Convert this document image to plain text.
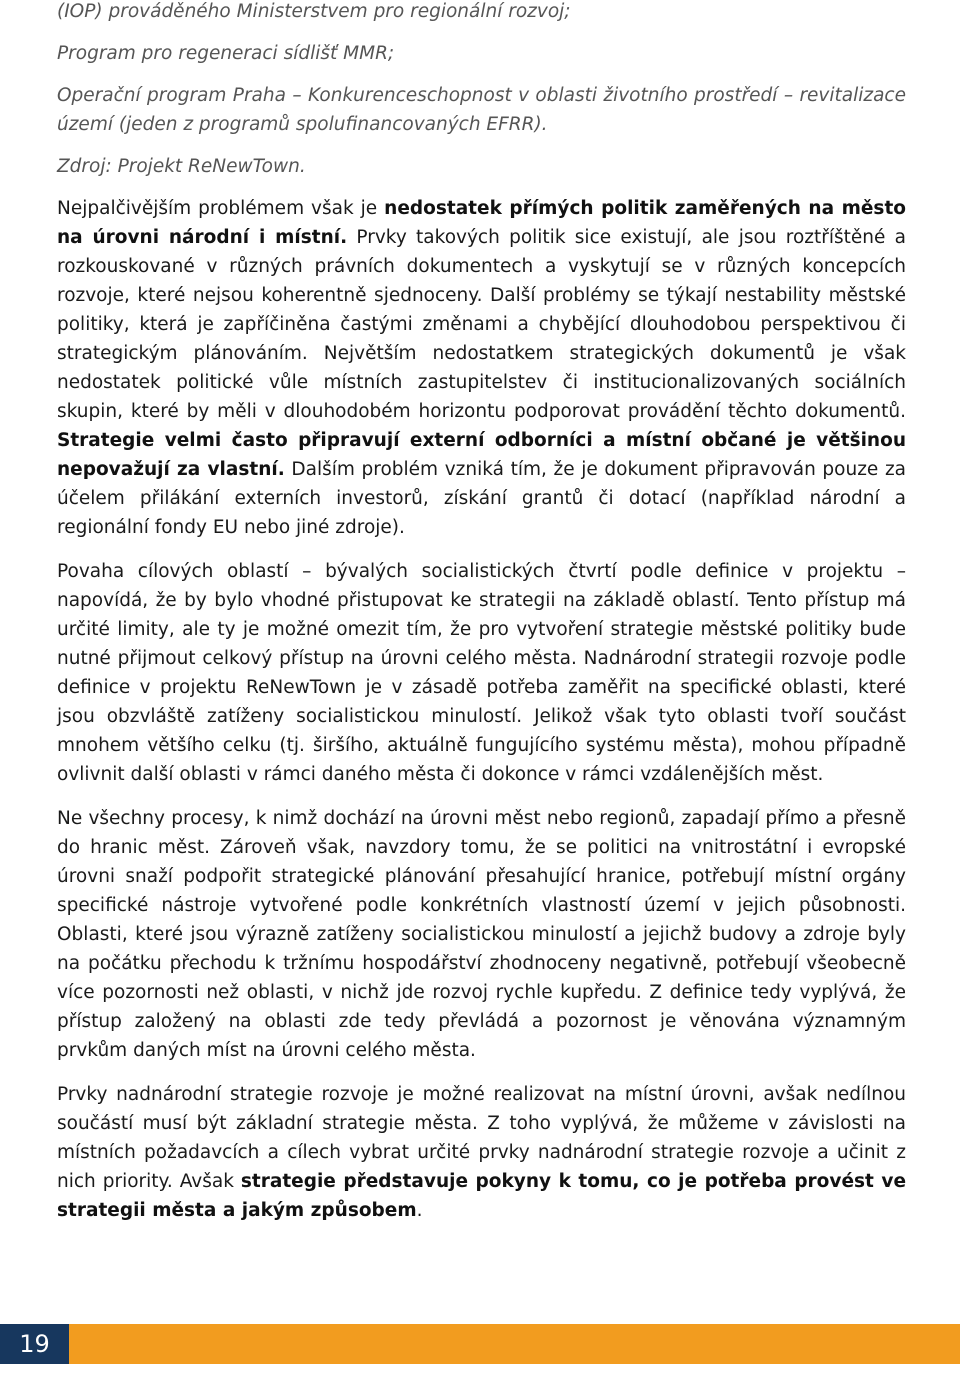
(IOP) prováděného Ministerstvem pro regionální rozvoj;

Program pro regeneraci sídlišť MMR;

Operační program Praha – Konkurenceschopnost v oblasti životního prostředí – revitalizace území (jeden z programů spolufinancovaných EFRR).

Zdroj: Projekt ReNewTown.

Nejpalčivějším problémem však je nedostatek přímých politik zaměřených na město na úrovni národní i místní. Prvky takových politik sice existují, ale jsou roztříštěné a rozkouskované v různých právních dokumentech a vyskytují se v různých koncepcích rozvoje, které nejsou koherentně sjednoceny. Další problémy se týkají nestability městské politiky, která je zapříčiněna častými změnami a chybějící dlouhodobou perspektivou či strategickým plánováním. Největším nedostatkem strategických dokumentů je však nedostatek politické vůle místních zastupitelstev či institucionalizovaných sociálních skupin, které by měli v dlouhodobém horizontu podporovat provádění těchto dokumentů. Strategie velmi často připravují externí odborníci a místní občané je většinou nepovažují za vlastní. Dalším problém vzniká tím, že je dokument připravován pouze za účelem přilákání externích investorů, získání grantů či dotací (například národní a regionální fondy EU nebo jiné zdroje).

Povaha cílových oblastí – bývalých socialistických čtvrtí podle definice v projektu – napovídá, že by bylo vhodné přistupovat ke strategii na základě oblastí. Tento přístup má určité limity, ale ty je možné omezit tím, že pro vytvoření strategie městské politiky bude nutné přijmout celkový přístup na úrovni celého města. Nadnárodní strategii rozvoje podle definice v projektu ReNewTown je v zásadě potřeba zaměřit na specifické oblasti, které jsou obzvláště zatíženy socialistickou minulostí. Jelikož však tyto oblasti tvoří součást mnohem většího celku (tj. širšího, aktuálně fungujícího systému města), mohou případně ovlivnit další oblasti v rámci daného města či dokonce v rámci vzdálenějších měst.

Ne všechny procesy, k nimž dochází na úrovni měst nebo regionů, zapadají přímo a přesně do hranic měst. Zároveň však, navzdory tomu, že se politici na vnitrostátní i evropské úrovni snaží podpořit strategické plánování přesahující hranice, potřebují místní orgány specifické nástroje vytvořené podle konkrétních vlastností území v jejich působnosti. Oblasti, které jsou výrazně zatíženy socialistickou minulostí a jejichž budovy a zdroje byly na počátku přechodu k tržnímu hospodářství zhodnoceny negativně, potřebují všeobecně více pozornosti než oblasti, v nichž jde rozvoj rychle kupředu. Z definice tedy vyplývá, že přístup založený na oblasti zde tedy převládá a pozornost je věnována významným prvkům daných míst na úrovni celého města.

Prvky nadnárodní strategie rozvoje je možné realizovat na místní úrovni, avšak nedílnou součástí musí být základní strategie města. Z toho vyplývá, že můžeme v závislosti na místních požadavcích a cílech vybrat určité prvky nadnárodní strategie rozvoje a učinit z nich priority. Avšak strategie představuje pokyny k tomu, co je potřeba provést ve strategii města a jakým způsobem.

19
